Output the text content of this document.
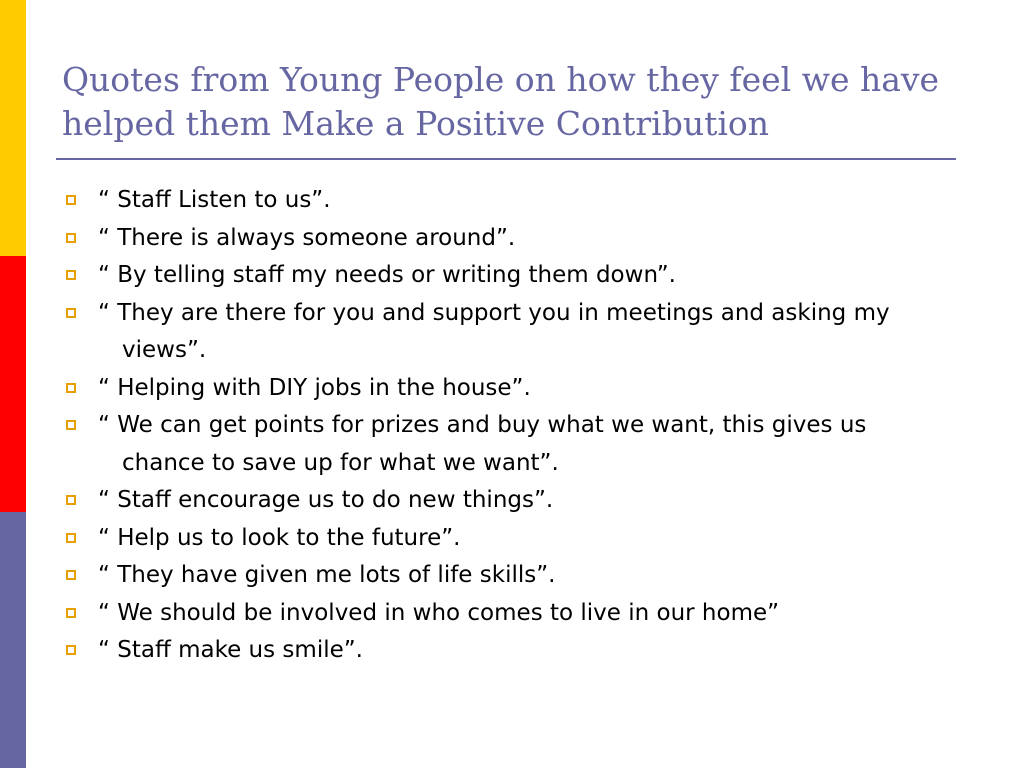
Quotes from Young People on how they feel we have helped them Make a Positive Contribution
“ Staff Listen to us”.
“ There is always someone around”.
“ By telling staff my needs or writing them down”.
“ They are there for you and support you in meetings and asking my views”.
“ Helping with DIY jobs in the house”.
“ We can get points for prizes and buy what we want, this gives us chance to save up for what we want”.
“ Staff encourage us to do new things”.
“ Help us to look to the future”.
“ They have given me lots of life skills”.
“ We should be involved in who comes to live in our home”
“ Staff make us smile”.
